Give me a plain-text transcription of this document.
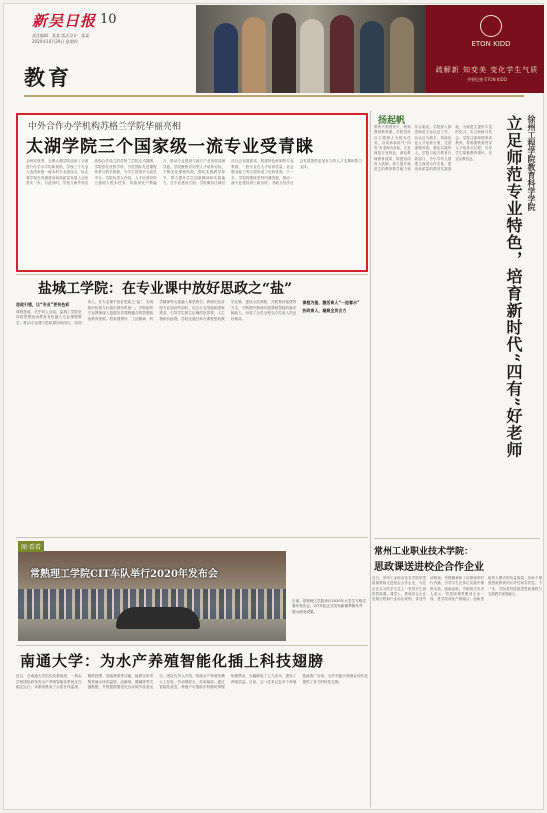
新吴日报 10
责任编辑：某某 版式设计：某某
2020年10月29日 星期四
教育
ETON KIDD
疏解新 知变美 变化学生气质
伊顿纪德 ETON KIDD
中外合作办学机构苏格兰学院华丽亮相
太湖学院三个国家级一流专业受青睐
金秋收获季，无锡太湖学院迎来了全面提升办学水平的新契机。学校三个专业入选国家级一流本科专业建设点，标志着学校在内涵建设和高质量发展上迈出坚实一步。与此同时，学校与海外知名高校合作设立的苏格兰学院正式揭牌，学院依托优势学科，引进国际先进课程体系与教学资源，为学生搭建多元成长平台。学院负责人介绍，人才培养坚持立德树人根本任务，持续深化产教融合，推动专业建设与地方产业发展同频共振。学院聚焦应用型人才培养目标，不断优化课程结构，强化实践教学环节，着力提升学生创新精神和实践能力。在专业建设方面，学院紧扣区域经济社会发展需求，构建特色鲜明的专业集群，一批专业在人才培养质量、社会服务能力等方面形成了比较优势。下一步，学院将继续坚持内涵发展，推动一流专业建设再上新台阶，为地方经济社会发展提供更加有力的人才支撑和智力支持。
扬起帆
教育兴则国家兴，教师强则教育强。学院坚持以立德树人为根本任务，以培养新时代“四有”好老师为目标，立足师范专业特色，深化教师教育改革，构建协同育人机制，着力提升师范生的教育教学能力和综合素质。学院深入推进师范专业认证工作，以认证为抓手，持续优化人才培养方案，完善课程体系，强化实践育人。学院与地方教育行政部门、中小学幼儿园建立深度合作关系，建设高质量的教育实践基地，为师范生提供丰富的见习、实习和研习机会。学院注重师德养成教育，将师德教育贯穿人才培养全过程，引导学生厚植教育情怀，坚定从教信念。	徐州工程学院教育科学学院
立足师范专业特色，培育新时代“四有”好老师
盐城工学院：在专业课中放好思政之“盐”
思政引领，让“专业”更有色彩
课程思政，关乎育人全局。盐城工学院坚持将思想政治教育有机融入专业课程教学，推动专业课与思政课同向同行、协同育人，在专业课中放好思政之“盐”，实现知识传授与价值引领有机统一。学院组织专业教师深入挖掘各类课程蕴含的思想政治教育资源，将家国情怀、工匠精神、科学精神等元素融入课堂教学。教师们在讲授专业知识的同时，结合行业发展和国家需求，引导学生树立正确的世界观、人生观和价值观。学校还通过举办课程思政教学竞赛、建设示范课程、开展集体备课等方式，不断提升教师开展课程思政的意识和能力，形成了全员全程全方位育人的良好格局。
课程为基，激活育人“一池春水”
协同育人，凝聚全员合力
常熟理工学院CIT车队举行2020年发布会
图·看看
日前，常熟理工学院举行2020年大学生方程式赛车发布会，CIT车队正式发布新赛季赛车并展示研发成果。
南通大学：为水产养殖智能化插上科技翅膀
近日，在南通大学的实验基地里，一套由学校团队研发的水产养殖智能化系统正在稳定运行。该系统集成了水质在线监测、精准投喂、智能增氧等功能，能够实时采集养殖水体的温度、溶解氧、酸碱度等关键数据，并根据数据变化自动调节设备运行。团队负责人介绍，传统水产养殖依赖人工经验，劳动强度大、效率偏低。通过智能化改造，养殖户可借助手机随时掌握鱼塘情况，大幅降低了人力成本，提高了养殖效益。目前，这一技术已在多个养殖基地推广应用，为乡村振兴和渔业现代化提供了有力的科技支撑。
常州工业职业技术学院：
思政课送进校企合作企业
近日，常州工业职业技术学院的思政课教师走进校企合作企业，为在企业实习的学生送上一堂别开生面的思政课。课堂上，教师结合企业发展历程和行业前沿案例，讲述劳动精神、劳模精神和工匠精神的时代内涵，引导学生在岗位实践中锤炼本领、砥砺品格。学院相关负责人表示，将思政课堂搬到企业一线，是学院深化产教融合、创新思政育人模式的有益探索，有助于增强思政教育的针对性和实效性。下一步，学院将持续推进思政课程与实践教学深度融合。
